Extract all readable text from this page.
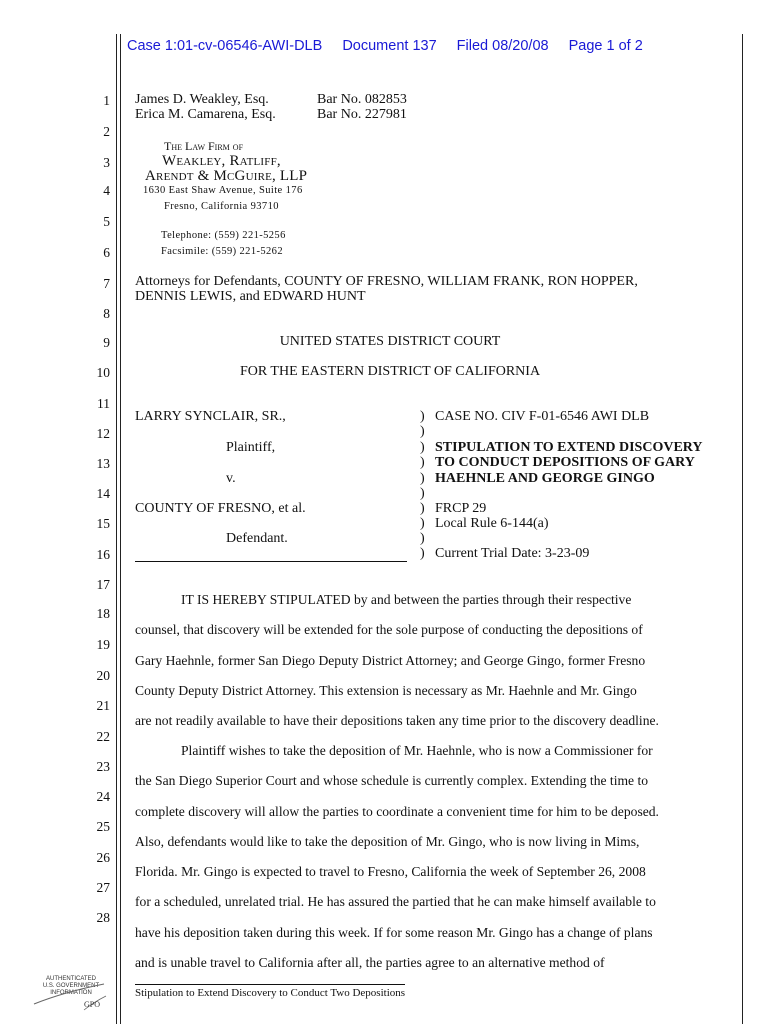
Case 1:01-cv-06546-AWI-DLB Document 137 Filed 08/20/08 Page 1 of 2
1
2
3
4
5
6
7
8
9
10
11
12
13
14
15
16
17
18
19
20
21
22
23
24
25
26
27
28
James D. Weakley, Esq.
Erica M. Camarena, Esq.
Bar No. 082853
Bar No. 227981
The Law Firm of
Weakley, Ratliff,
Arendt & McGuire, LLP
1630 East Shaw Avenue, Suite 176
Fresno, California 93710
Telephone: (559) 221-5256
Facsimile: (559) 221-5262
Attorneys for Defendants, COUNTY OF FRESNO, WILLIAM FRANK, RON HOPPER,
DENNIS LEWIS, and EDWARD HUNT
UNITED STATES DISTRICT COURT
FOR THE EASTERN DISTRICT OF CALIFORNIA
LARRY SYNCLAIR, SR.,
Plaintiff,
v.
COUNTY OF FRESNO, et al.
Defendant.
)
)
)
)
)
)
)
)
)
)
CASE NO. CIV F-01-6546 AWI DLB
STIPULATION TO EXTEND DISCOVERY
TO CONDUCT DEPOSITIONS OF GARY
HAEHNLE AND GEORGE GINGO
FRCP 29
Local Rule 6-144(a)
Current Trial Date: 3-23-09
IT IS HEREBY STIPULATED by and between the parties through their respective
counsel, that discovery will be extended for the sole purpose of conducting the depositions of
Gary Haehnle, former San Diego Deputy District Attorney; and George Gingo, former Fresno
County Deputy District Attorney. This extension is necessary as Mr. Haehnle and Mr. Gingo
are not readily available to have their depositions taken any time prior to the discovery deadline.
Plaintiff wishes to take the deposition of Mr. Haehnle, who is now a Commissioner for
the San Diego Superior Court and whose schedule is currently complex. Extending the time to
complete discovery will allow the parties to coordinate a convenient time for him to be deposed.
Also, defendants would like to take the deposition of Mr. Gingo, who is now living in Mims,
Florida. Mr. Gingo is expected to travel to Fresno, California the week of September 26, 2008
for a scheduled, unrelated trial. He has assured the partied that he can make himself available to
have his deposition taken during this week. If for some reason Mr. Gingo has a change of plans
and is unable travel to California after all, the parties agree to an alternative method of
Stipulation to Extend Discovery to Conduct Two Depositions
AUTHENTICATED
U.S. GOVERNMENT
INFORMATION
GPO
